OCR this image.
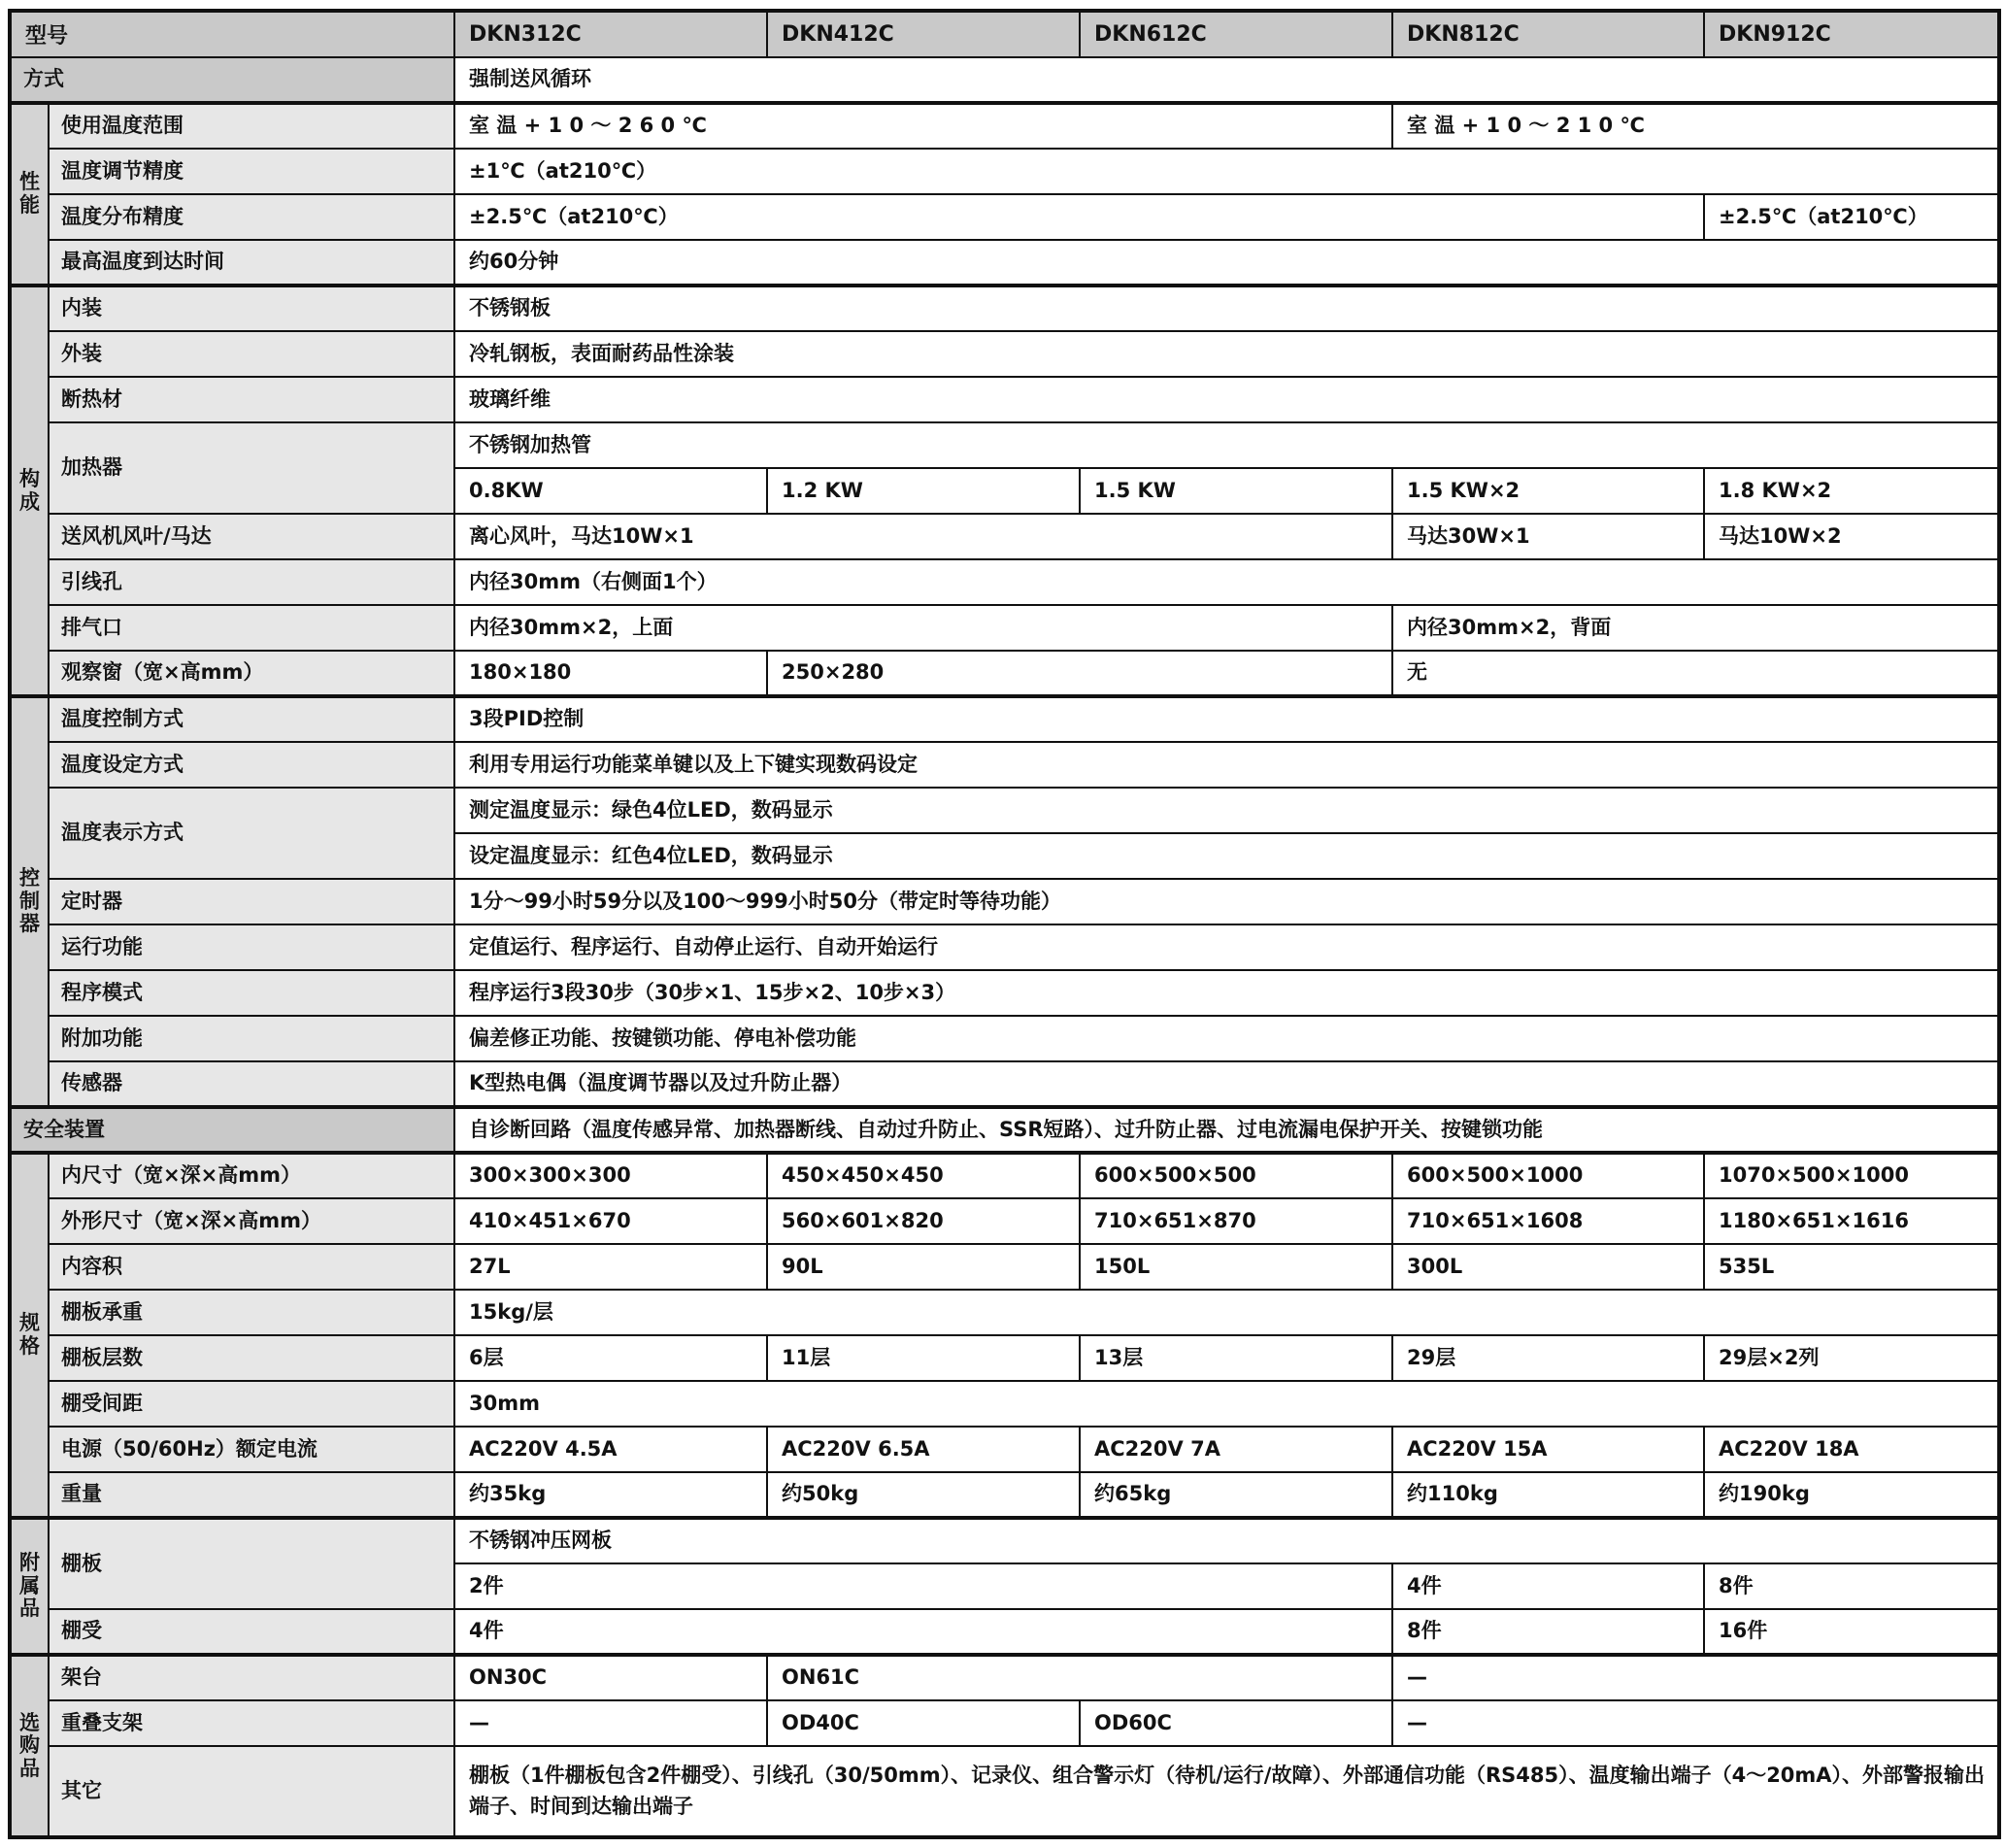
型号		DKN312C	DKN412C	DKN612C	DKN812C	DKN912C
方式		强制送风循环				
性能	使用温度范围	室 温 + 1 0 ～ 2 6 0 ℃			室 温 + 1 0 ～ 2 1 0 ℃	
	温度调节精度	±1℃（at210℃）				
	温度分布精度	±2.5℃（at210℃）				±2.5℃（at210℃）
	最高温度到达时间	约60分钟				
构成	内装	不锈钢板				
	外装	冷轧钢板，表面耐药品性涂装				
	断热材	玻璃纤维				
	加热器	不锈钢加热管				
		0.8KW	1.2 KW	1.5 KW	1.5 KW×2	1.8 KW×2
	送风机风叶/马达	离心风叶，马达10W×1			马达30W×1	马达10W×2
	引线孔	内径30mm（右侧面1个）				
	排气口	内径30mm×2，上面			内径30mm×2，背面	
	观察窗（宽×高mm）	180×180	250×280		无	
控制器	温度控制方式	3段PID控制				
	温度设定方式	利用专用运行功能菜单键以及上下键实现数码设定				
	温度表示方式	测定温度显示：绿色4位LED，数码显示				
		设定温度显示：红色4位LED，数码显示				
	定时器	1分～99小时59分以及100～999小时50分（带定时等待功能）				
	运行功能	定值运行、程序运行、自动停止运行、自动开始运行				
	程序模式	程序运行3段30步（30步×1、15步×2、10步×3）				
	附加功能	偏差修正功能、按键锁功能、停电补偿功能				
	传感器	K型热电偶（温度调节器以及过升防止器）				
安全装置		自诊断回路（温度传感异常、加热器断线、自动过升防止、SSR短路）、过升防止器、过电流漏电保护开关、按键锁功能				
规格	内尺寸（宽×深×高mm）	300×300×300	450×450×450	600×500×500	600×500×1000	1070×500×1000
	外形尺寸（宽×深×高mm）	410×451×670	560×601×820	710×651×870	710×651×1608	1180×651×1616
	内容积	27L	90L	150L	300L	535L
	棚板承重	15kg/层				
	棚板层数	6层	11层	13层	29层	29层×2列
	棚受间距	30mm				
	电源（50/60Hz）额定电流	AC220V 4.5A	AC220V 6.5A	AC220V 7A	AC220V 15A	AC220V 18A
	重量	约35kg	约50kg	约65kg	约110kg	约190kg
附属品	棚板	不锈钢冲压网板				
		2件			4件	8件
	棚受	4件			8件	16件
选购品	架台	ON30C	ON61C		—	
	重叠支架	—	OD40C	OD60C	—	
	其它	棚板（1件棚板包含2件棚受）、引线孔（30/50mm）、记录仪、组合警示灯（待机/运行/故障）、外部通信功能（RS485）、温度输出端子（4～20mA）、外部警报输出端子、时间到达输出端子				
